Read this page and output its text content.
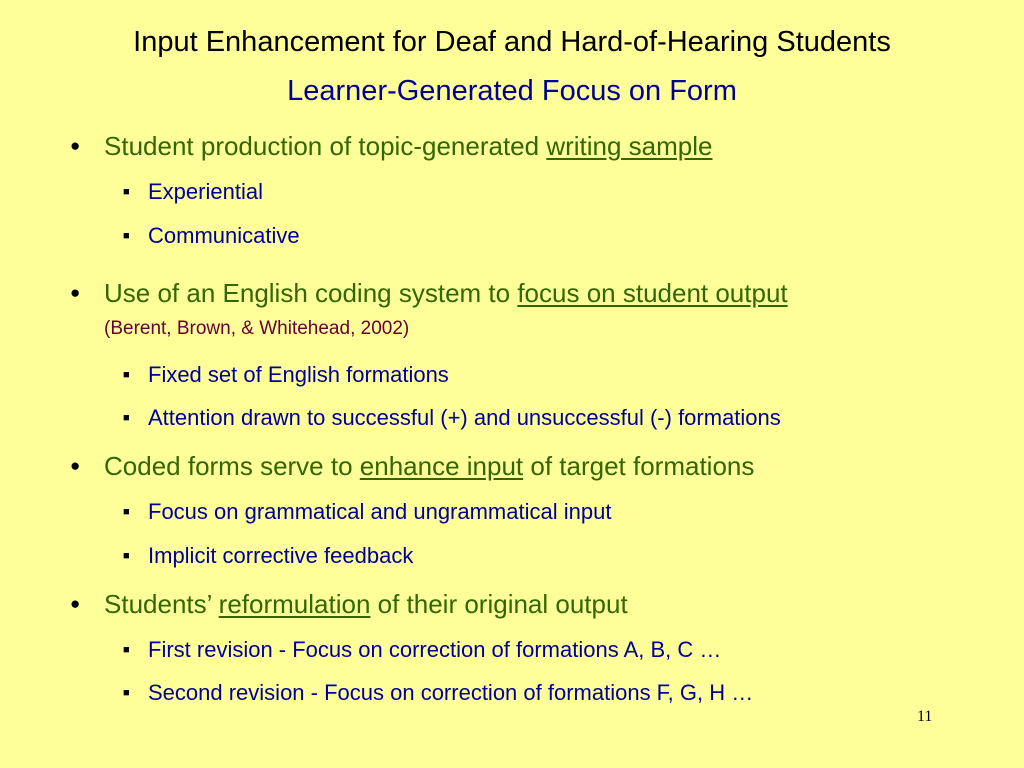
Input Enhancement for Deaf and Hard-of-Hearing Students
Learner-Generated Focus on Form
● Student production of topic-generated writing sample
■ Experiential
■ Communicative
● Use of an English coding system to focus on student output
(Berent, Brown, & Whitehead, 2002)
■ Fixed set of English formations
■ Attention drawn to successful (+) and unsuccessful (-) formations
● Coded forms serve to enhance input of target formations
■ Focus on grammatical and ungrammatical input
■ Implicit corrective feedback
● Students’ reformulation of their original output
■ First revision - Focus on correction of formations A, B, C …
■ Second revision - Focus on correction of formations F, G, H …
11
